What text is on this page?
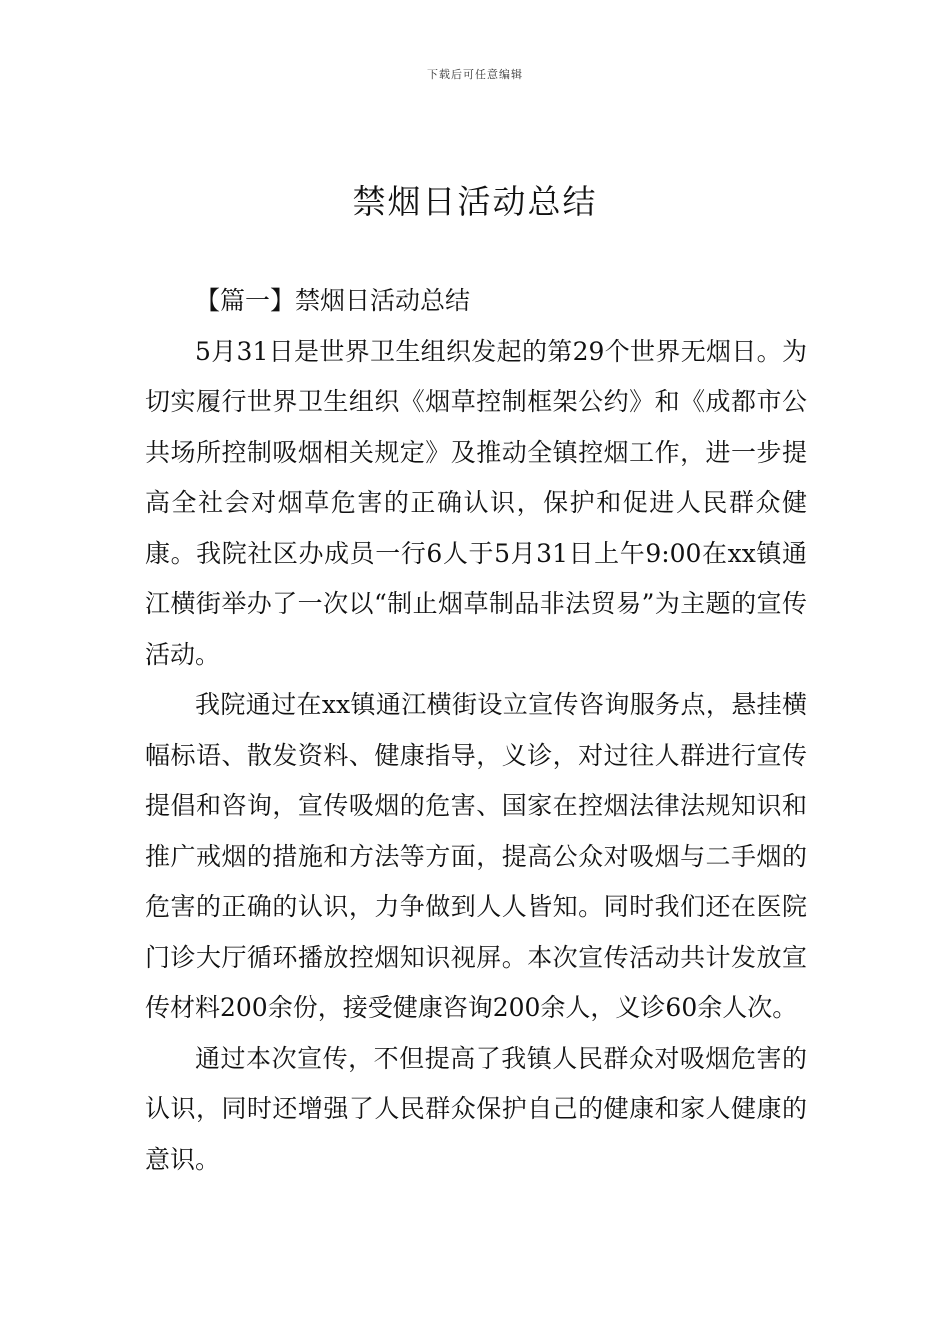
下载后可任意编辑
禁烟日活动总结

【篇一】禁烟日活动总结

5月31日是世界卫生组织发起的第29个世界无烟日。为切实履行世界卫生组织《烟草控制框架公约》和《成都市公共场所控制吸烟相关规定》及推动全镇控烟工作，进一步提高全社会对烟草危害的正确认识，保护和促进人民群众健康。我院社区办成员一行6人于5月31日上午9:00在xx镇通江横街举办了一次以“制止烟草制品非法贸易”为主题的宣传活动。

我院通过在xx镇通江横街设立宣传咨询服务点，悬挂横幅标语、散发资料、健康指导，义诊，对过往人群进行宣传提倡和咨询，宣传吸烟的危害、国家在控烟法律法规知识和推广戒烟的措施和方法等方面，提高公众对吸烟与二手烟的危害的正确的认识，力争做到人人皆知。同时我们还在医院门诊大厅循环播放控烟知识视屏。本次宣传活动共计发放宣传材料200余份，接受健康咨询200余人，义诊60余人次。

通过本次宣传，不但提高了我镇人民群众对吸烟危害的认识，同时还增强了人民群众保护自己的健康和家人健康的意识。
